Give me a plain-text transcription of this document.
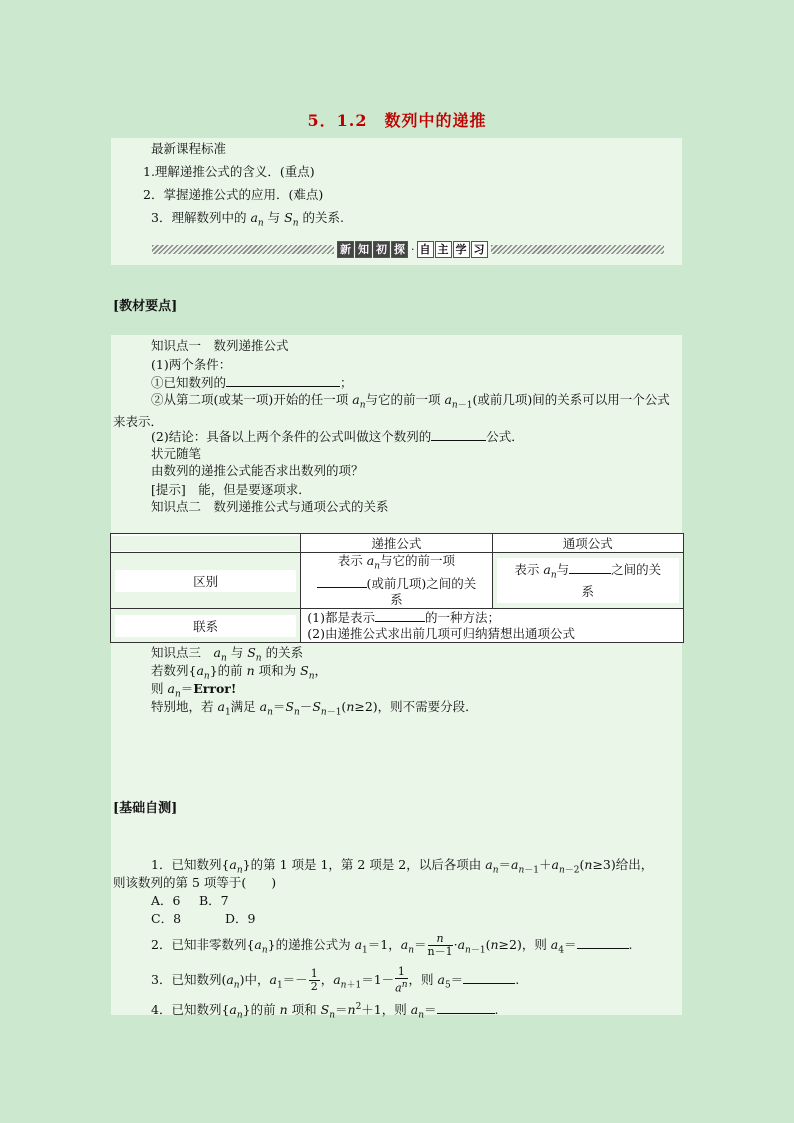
5．1.2　数列中的递推
最新课程标准
1.理解递推公式的含义．(重点)
2．掌握递推公式的应用．(难点)
3．理解数列中的 $a_n$ 与 $S_n$ 的关系.
新 知 初 探 · 自 主 学 习
[教材要点]
知识点一　数列递推公式
(1)两个条件：
①已知数列的	；
②从第二项(或某一项)开始的任一项 $a_n$与它的前一项 $a_{n-1}$(或前几项)间的关系可以用一个公式来表示．
(2)结论：具备以上两个条件的公式叫做这个数列的	公式．
状元随笔
由数列的递推公式能否求出数列的项？
[提示]　能，但是要逐项求．
知识点二　数列递推公式与通项公式的关系
	递推公式	通项公式

区别	表示 $a_n$与它的前一项
(或前几项)之间的关
系	表示 $a_n$与 之间的关
系

联系	(1)都是表示 的一种方法；
(2)由递推公式求出前几项可归纳猜想出通项公式	
知识点三　$a_n$ 与 $S_n$ 的关系
若数列$\{a_n\}$的前 n 项和为 $S_n$，
则 $a_n=Error$!
特别地，若 $a_1$满足 $a_n=S_n-S_{n-1}(n\ge 2)$，则不需要分段．
[基础自测]
1．已知数列$\{a_n\}$的第 1 项是 1，第 2 项是 2，以后各项由 $a_n=a_{n-1}+a_{n-2}(n\ge 3)$给出，
则该数列的第 5 项等于(　　)
A．6 B．7
C．8	D．9
2．已知非零数列$\{a_n\}$的递推公式为 $a_1=1$，$a_n= \frac{n}{n-1} \cdot a_{n-1}(n\ge 2)$，则 $a_4=$	.
3．已知数列$(a_n)$中，$a_1=- \frac{1}{2}$ ，$a_{n+1}=1- \frac{1}{a^n}$ ，则 $a_5=$	.
4．已知数列$\{a_n\}$的前 n 项和 $S_n=n^2+1$，则 $a_n=$	.
